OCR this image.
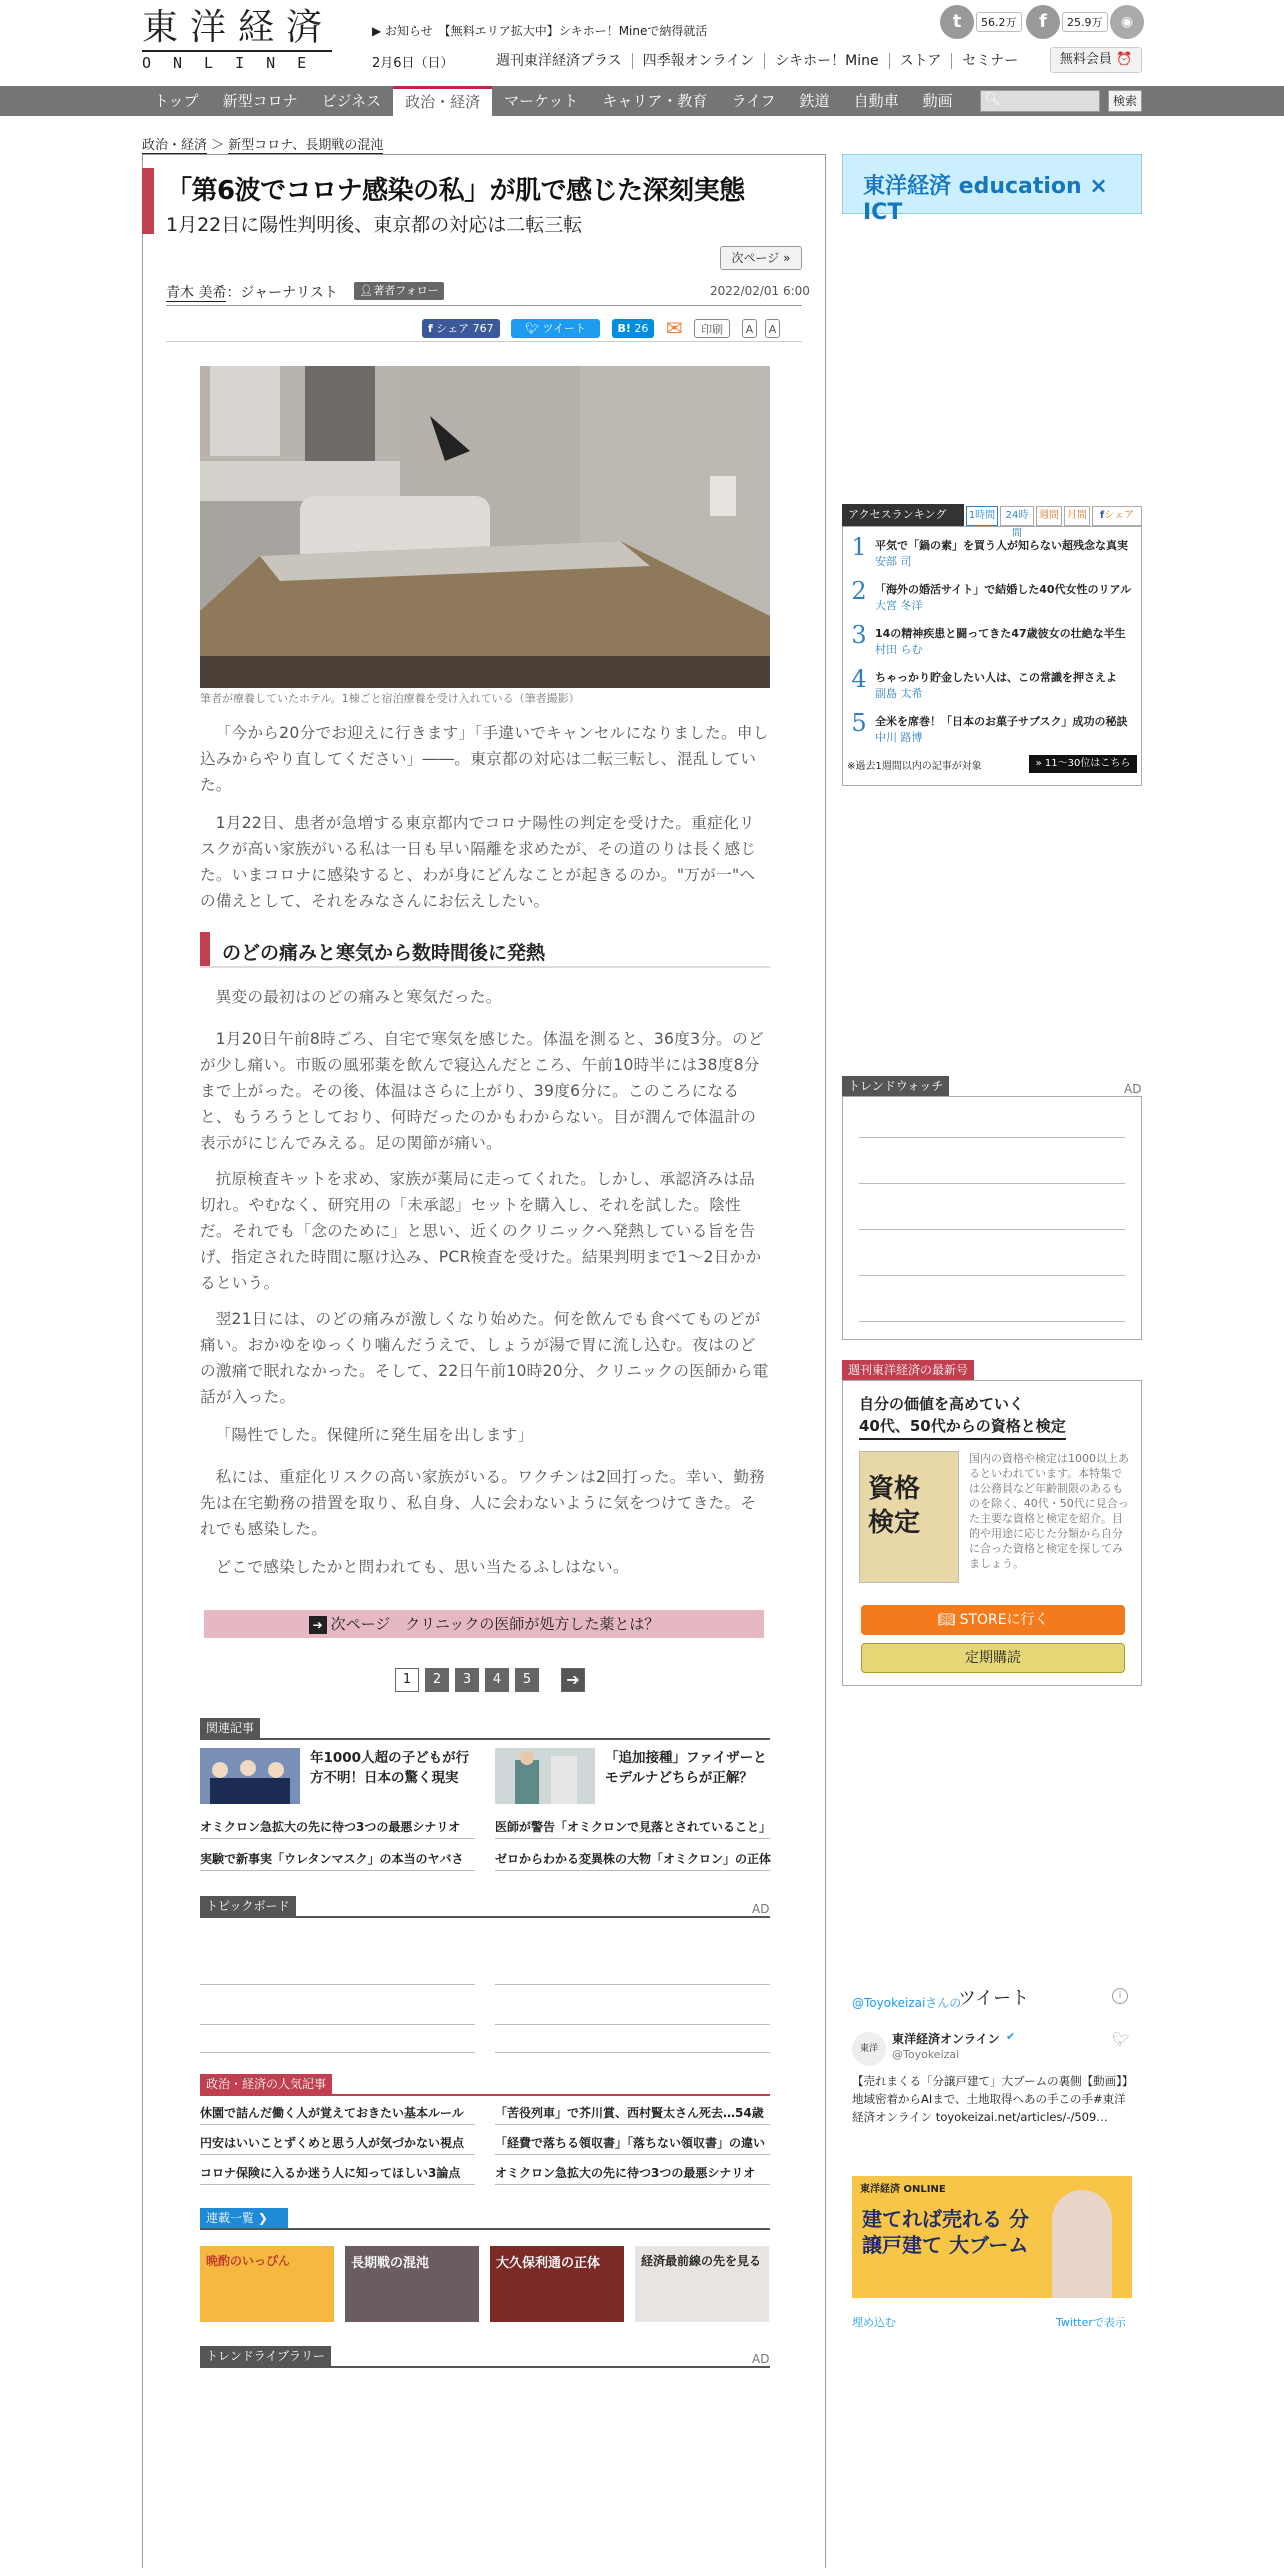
東洋経済
ONLINE
▶ お知らせ　【無料エリア拡大中】シキホー！Mineで納得就活
2月6日（日）	週刊東洋経済プラス 四季報オンライン シキホー！Mine ストア セミナー
t	56.2万	f	25.9万	◉
無料会員 ⏰
トップ	新型コロナ	ビジネス	政治・経済	マーケット	キャリア・教育	ライフ	鉄道	自動車	動画	🔍︎	検索
政治・経済 ＞ 新型コロナ、長期戦の混沌
「第6波でコロナ感染の私」が肌で感じた深刻実態
1月22日に陽性判明後、東京都の対応は二転三転
次ページ »
青木 美希：ジャーナリスト	👤︎著者フォロー	2022/02/01 6:00
f シェア 767	🐦︎ ツイート	B! 26 ✉ 印刷 A A
筆者が療養していたホテル。1棟ごと宿泊療養を受け入れている（筆者撮影）
「今から20分でお迎えに行きます」「手違いでキャンセルになりました。申し込みからやり直してください」――。東京都の対応は二転三転し、混乱していた。
1月22日、患者が急増する東京都内でコロナ陽性の判定を受けた。重症化リスクが高い家族がいる私は一日も早い隔離を求めたが、その道のりは長く感じた。いまコロナに感染すると、わが身にどんなことが起きるのか。"万が一"への備えとして、それをみなさんにお伝えしたい。
のどの痛みと寒気から数時間後に発熱
異変の最初はのどの痛みと寒気だった。
1月20日午前8時ごろ、自宅で寒気を感じた。体温を測ると、36度3分。のどが少し痛い。市販の風邪薬を飲んで寝込んだところ、午前10時半には38度8分まで上がった。その後、体温はさらに上がり、39度6分に。このころになると、もうろうとしており、何時だったのかもわからない。目が潤んで体温計の表示がにじんでみえる。足の関節が痛い。
抗原検査キットを求め、家族が薬局に走ってくれた。しかし、承認済みは品切れ。やむなく、研究用の「未承認」セットを購入し、それを試した。陰性だ。それでも「念のために」と思い、近くのクリニックへ発熱している旨を告げ、指定された時間に駆け込み、PCR検査を受けた。結果判明まで1～2日かかるという。
翌21日には、のどの痛みが激しくなり始めた。何を飲んでも食べてものどが痛い。おかゆをゆっくり噛んだうえで、しょうが湯で胃に流し込む。夜はのどの激痛で眠れなかった。そして、22日午前10時20分、クリニックの医師から電話が入った。
「陽性でした。保健所に発生届を出します」
私には、重症化リスクの高い家族がいる。ワクチンは2回打った。幸い、勤務先は在宅勤務の措置を取り、私自身、人に会わないように気をつけてきた。それでも感染した。
どこで感染したかと問われても、思い当たるふしはない。
➔ 次ページ　クリニックの医師が処方した薬とは？
1	2	3	4	5	➔
関連記事
年1000人超の子どもが行方不明！日本の驚く現実
「追加接種」ファイザーとモデルナどちらが正解？
オミクロン急拡大の先に待つ3つの最悪シナリオ	医師が警告「オミクロンで見落とされていること」
実験で新事実「ウレタンマスク」の本当のヤバさ	ゼロからわかる変異株の大物「オミクロン」の正体
トピックボード	AD
政治・経済の人気記事
休園で詰んだ働く人が覚えておきたい基本ルール	「苦役列車」で芥川賞、西村賢太さん死去…54歳
円安はいいことずくめと思う人が気づかない視点	「経費で落ちる領収書」「落ちない領収書」の違い
コロナ保険に入るか迷う人に知ってほしい3論点	オミクロン急拡大の先に待つ3つの最悪シナリオ
連載一覧 ❯
晩酌のいっぴん	長期戦の混沌	大久保利通の正体	経済最前線の先を見る
トレンドライブラリー	AD
東洋経済 education × ICT
アクセスランキング	1時間	24時間
週間 月間	fシェア
1 平気で「鍋の素」を買う人が知らない超残念な真実
安部 司
2 「海外の婚活サイト」で結婚した40代女性のリアル
大宮 冬洋
3 14の精神疾患と闘ってきた47歳彼女の壮絶な半生
村田 らむ
4 ちゃっかり貯金したい人は、この常識を押さえよ
副島 太希
5 全米を席巻！「日本のお菓子サブスク」成功の秘訣
中川 路博
※過去1週間以内の記事が対象	» 11～30位はこちら
トレンドウォッチ	AD
週刊東洋経済の最新号
自分の価値を高めていく
40代、50代からの資格と検定
資格 検定
国内の資格や検定は1000以上あるといわれています。本特集では公務員など年齢制限のあるものを除く、40代・50代に見合った主要な資格と検定を紹介。目的や用途に応じた分類から自分に合った資格と検定を探してみましょう。
📖︎ STOREに行く
定期購読
@Toyokeizaiさんの
ツイート	i
東洋
東洋経済オンライン ✔
@Toyokeizai
🐦︎
【売れまくる「分譲戸建て」大ブームの裏側【動画】】地域密着からAIまで、土地取得へあの手この手#東洋経済オンライン toyokeizai.net/articles/-/509…
東洋経済 ONLINE
建てれば売れる 分譲戸建て 大ブーム
埋め込む	Twitterで表示
